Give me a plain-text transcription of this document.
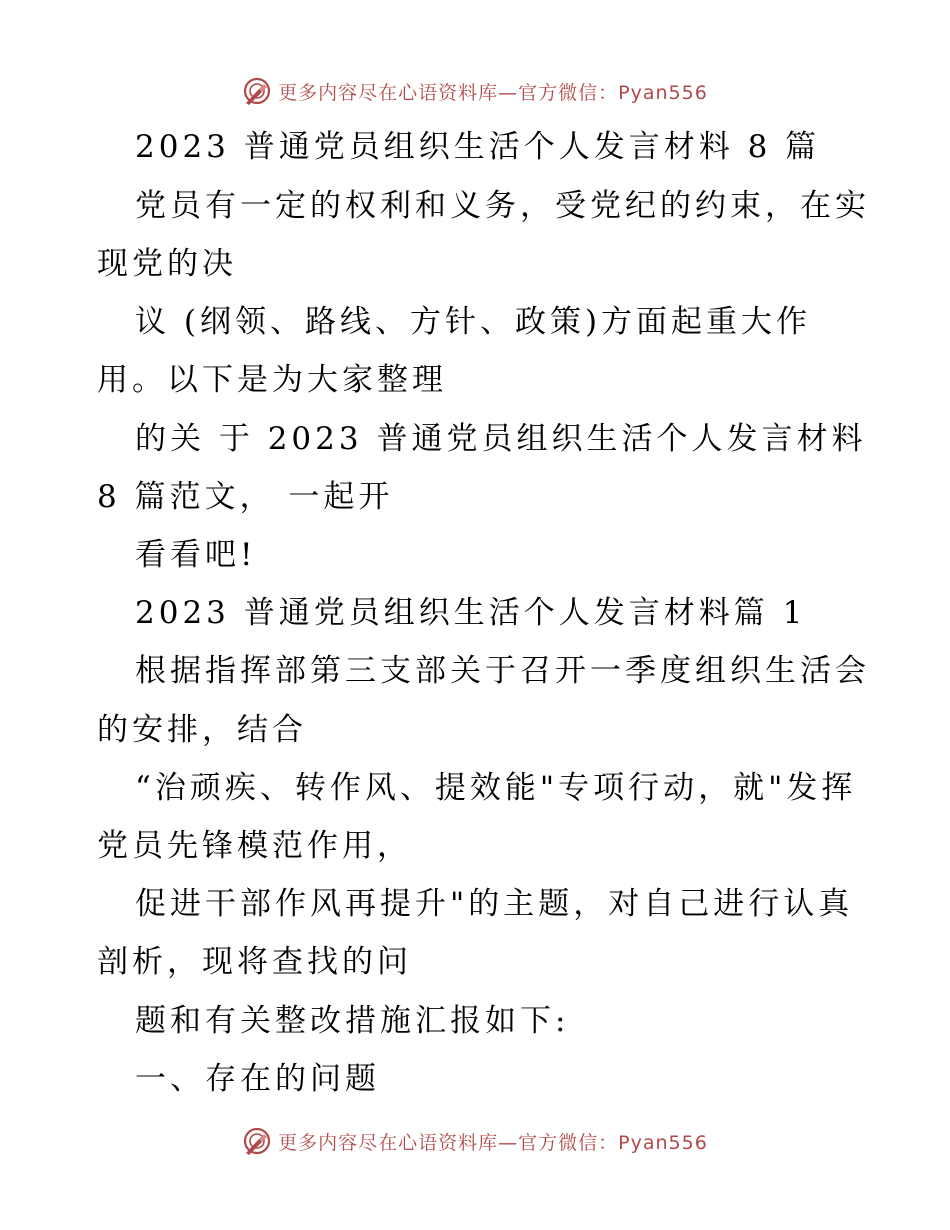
更多内容尽在心语资料库—官方微信：Pyan556
2023 普通党员组织生活个人发言材料 8 篇
党员有一定的权利和义务，受党纪的约束，在实
现党的决
议 (纲领、路线、方针、政策)方面起重大作
用。以下是为大家整理
的关 于 2023 普通党员组织生活个人发言材料
8 篇范文， 一起开
看看吧!
2023 普通党员组织生活个人发言材料篇 1
根据指挥部第三支部关于召开一季度组织生活会
的安排，结合
“治顽疾、转作风、提效能"专项行动，就"发挥
党员先锋模范作用，
促进干部作风再提升"的主题，对自己进行认真
剖析，现将查找的问
题和有关整改措施汇报如下:
一、存在的问题
更多内容尽在心语资料库—官方微信：Pyan556
